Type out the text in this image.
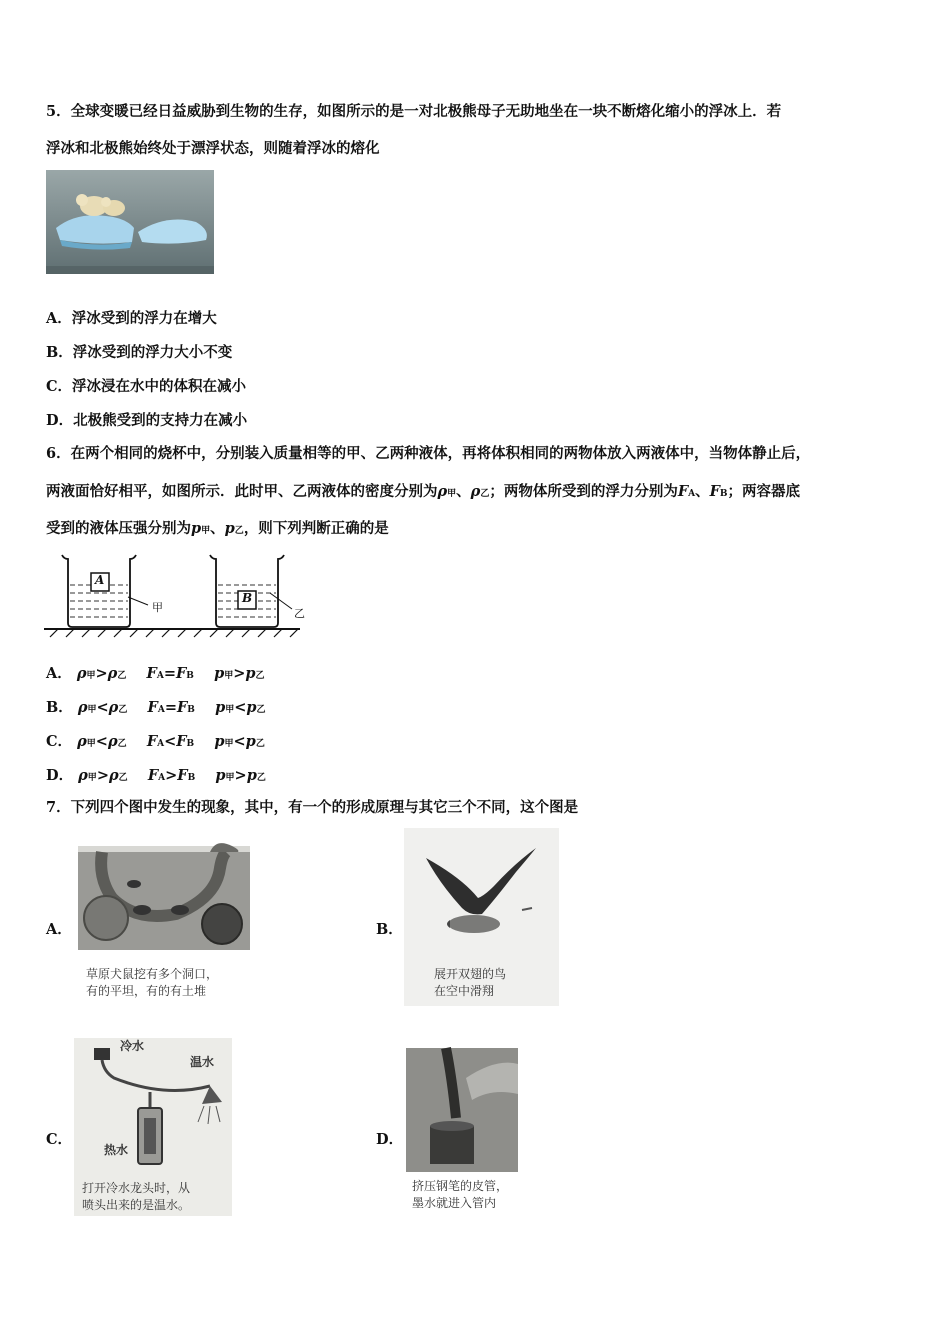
5．全球变暖已经日益威胁到生物的生存，如图所示的是一对北极熊母子无助地坐在一块不断熔化缩小的浮冰上．若
浮冰和北极熊始终处于漂浮状态，则随着浮冰的熔化
A．浮冰受到的浮力在增大
B．浮冰受到的浮力大小不变
C．浮冰浸在水中的体积在减小
D．北极熊受到的支持力在减小
6．在两个相同的烧杯中，分别装入质量相等的甲、乙两种液体，再将体积相同的两物体放入两液体中，当物体静止后，
两液面恰好相平，如图所示．此时甲、乙两液体的密度分别为ρ甲、ρ乙；两物体所受到的浮力分别为FA、FB；两容器底
受到的液体压强分别为p甲、p乙，则下列判断正确的是
A
B
甲	乙
A． ρ甲>ρ乙 FA=FB p甲>p乙
B． ρ甲<ρ乙 FA=FB p甲<p乙
C． ρ甲<ρ乙 FA<FB p甲<p乙
D． ρ甲>ρ乙 FA>FB p甲>p乙
7．下列四个图中发生的现象，其中，有一个的形成原理与其它三个不同，这个图是
A．
草原犬鼠挖有多个洞口，
有的平坦，有的有土堆
B．
展开双翅的鸟
在空中滑翔
C．
冷水
温水
热水
打开冷水龙头时，从
喷头出来的是温水。
D．
挤压钢笔的皮管，
墨水就进入管内
